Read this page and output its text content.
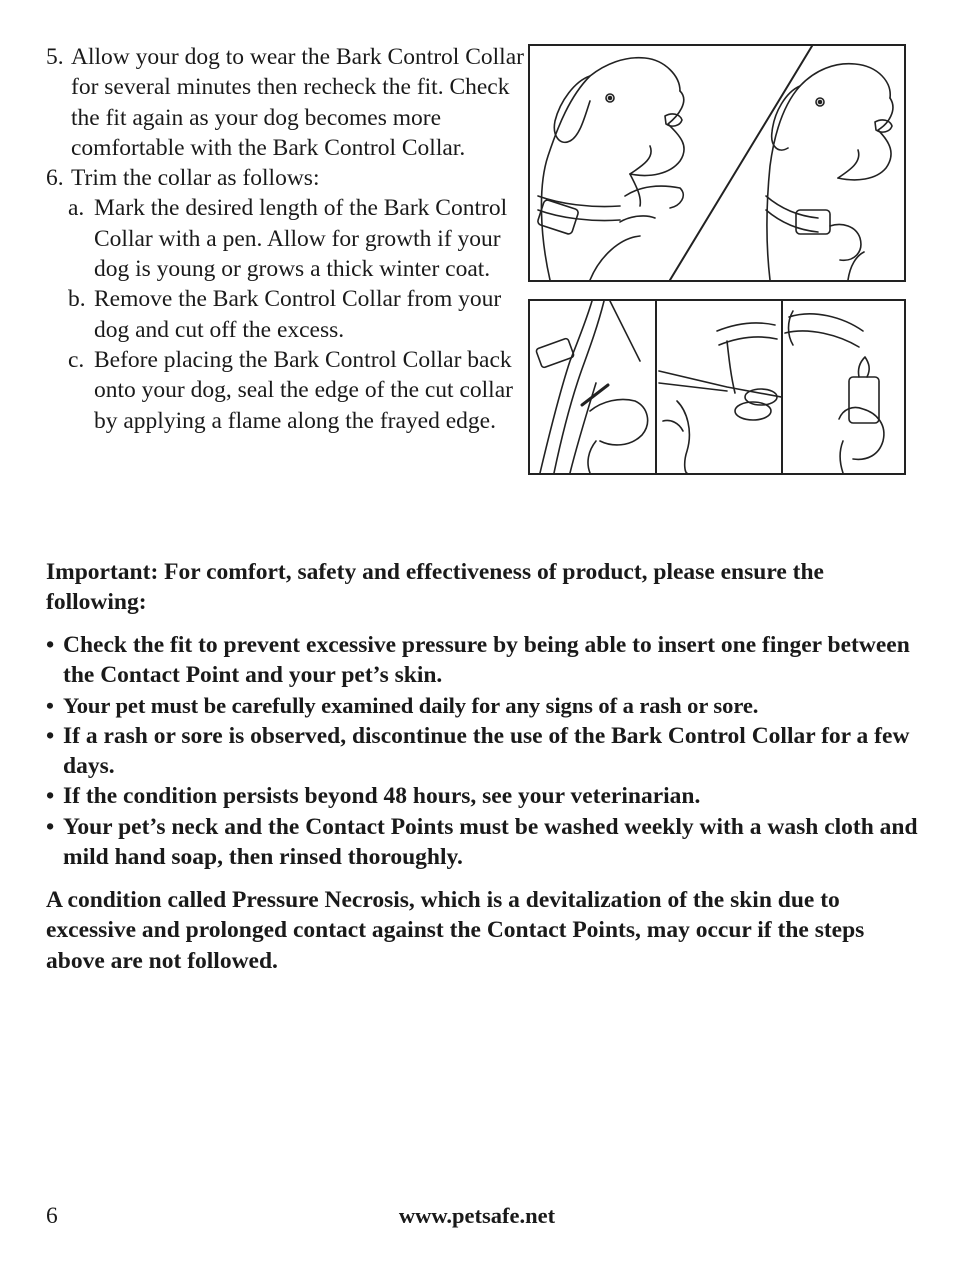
5. Allow your dog to wear the Bark Control Collar for several minutes then recheck the fit. Check the fit again as your dog becomes more comfortable with the Bark Control Collar.
6. Trim the collar as follows:
a. Mark the desired length of the Bark Control Collar with a pen. Allow for growth if your dog is young or grows a thick winter coat.
b. Remove the Bark Control Collar from your dog and cut off the excess.
c. Before placing the Bark Control Collar back onto your dog, seal the edge of the cut collar by applying a flame along the frayed edge.
Important: For comfort, safety and effectiveness of product, please ensure the following:
• Check the fit to prevent excessive pressure by being able to insert one finger between the Contact Point and your pet’s skin.
• Your pet must be carefully examined daily for any signs of a rash or sore.
• If a rash or sore is observed, discontinue the use of the Bark Control Collar for a few days.
• If the condition persists beyond 48 hours, see your veterinarian.
• Your pet’s neck and the Contact Points must be washed weekly with a wash cloth and mild hand soap, then rinsed thoroughly.
A condition called Pressure Necrosis, which is a devitalization of the skin due to excessive and prolonged contact against the Contact Points, may occur if the steps above are not followed.
6	www.petsafe.net
